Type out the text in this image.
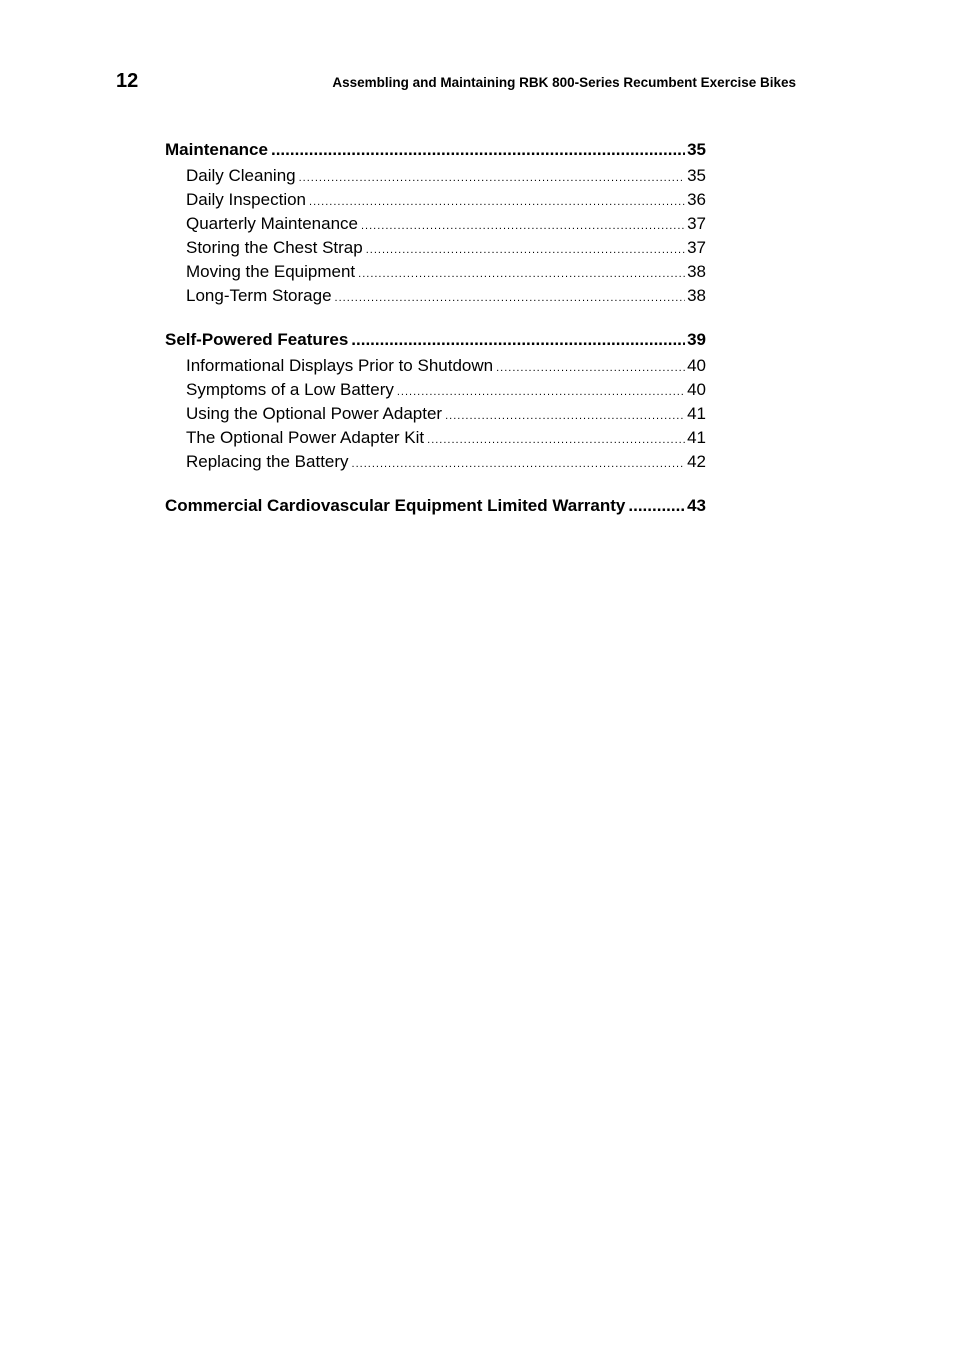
12	Assembling and Maintaining RBK 800-Series Recumbent Exercise Bikes
Maintenance .....	35
Daily Cleaning .....	35
Daily Inspection .....	36
Quarterly Maintenance .....	37
Storing the Chest Strap .....	37
Moving the Equipment .....	38
Long-Term Storage .....	38
Self-Powered Features .....	39
Informational Displays Prior to Shutdown .....	40
Symptoms of a Low Battery .....	40
Using the Optional Power Adapter .....	41
The Optional Power Adapter Kit .....	41
Replacing the Battery .....	42
Commercial Cardiovascular Equipment Limited Warranty .....	43
